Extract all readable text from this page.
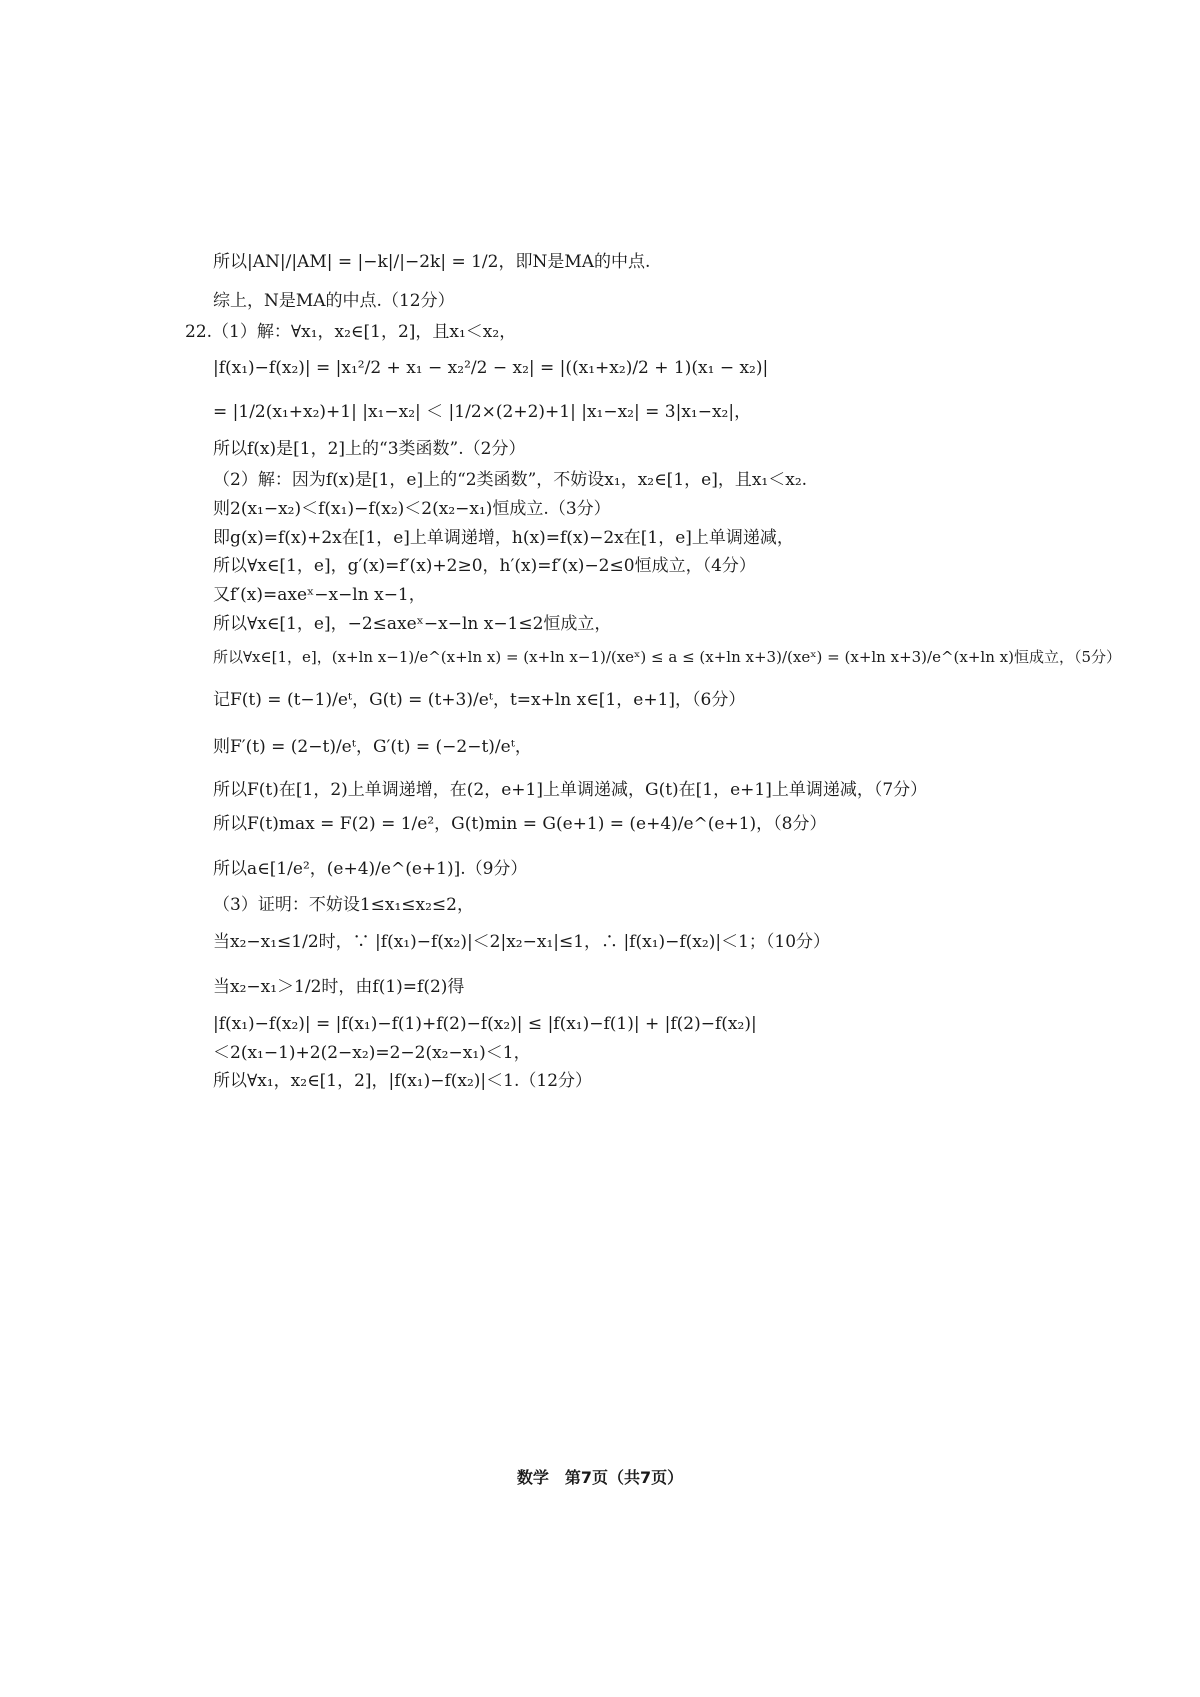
所以|AN|/|AM| = |−k|/|−2k| = 1/2，即N是MA的中点.
综上，N是MA的中点.（12分）
22.（1）解：∀x₁，x₂∈[1，2]，且x₁＜x₂，
|f(x₁)−f(x₂)| = |x₁²/2 + x₁ − x₂²/2 − x₂| = |((x₁+x₂)/2 + 1)(x₁ − x₂)|
= |1/2(x₁+x₂)+1| |x₁−x₂| ＜ |1/2×(2+2)+1| |x₁−x₂| = 3|x₁−x₂|，
所以f(x)是[1，2]上的“3类函数”.（2分）
（2）解：因为f(x)是[1，e]上的“2类函数”，不妨设x₁，x₂∈[1，e]，且x₁＜x₂.
则2(x₁−x₂)＜f(x₁)−f(x₂)＜2(x₂−x₁)恒成立.（3分）
即g(x)=f(x)+2x在[1，e]上单调递增，h(x)=f(x)−2x在[1，e]上单调递减，
所以∀x∈[1，e]，g′(x)=f′(x)+2≥0，h′(x)=f′(x)−2≤0恒成立，（4分）
又f′(x)=axeˣ−x−ln x−1，
所以∀x∈[1，e]，−2≤axeˣ−x−ln x−1≤2恒成立，
所以∀x∈[1，e]，(x+ln x−1)/e^(x+ln x) = (x+ln x−1)/(xeˣ) ≤ a ≤ (x+ln x+3)/(xeˣ) = (x+ln x+3)/e^(x+ln x)恒成立，（5分）
记F(t) = (t−1)/eᵗ，G(t) = (t+3)/eᵗ，t=x+ln x∈[1，e+1]，（6分）
则F′(t) = (2−t)/eᵗ，G′(t) = (−2−t)/eᵗ，
所以F(t)在[1，2)上单调递增，在(2，e+1]上单调递减，G(t)在[1，e+1]上单调递减，（7分）
所以F(t)max = F(2) = 1/e²，G(t)min = G(e+1) = (e+4)/e^(e+1)，（8分）
所以a∈[1/e²，(e+4)/e^(e+1)].（9分）
（3）证明：不妨设1≤x₁≤x₂≤2，
当x₂−x₁≤1/2时，∵ |f(x₁)−f(x₂)|＜2|x₂−x₁|≤1，∴ |f(x₁)−f(x₂)|＜1；（10分）
当x₂−x₁＞1/2时，由f(1)=f(2)得
|f(x₁)−f(x₂)| = |f(x₁)−f(1)+f(2)−f(x₂)| ≤ |f(x₁)−f(1)| + |f(2)−f(x₂)|
＜2(x₁−1)+2(2−x₂)=2−2(x₂−x₁)＜1，
所以∀x₁，x₂∈[1，2]，|f(x₁)−f(x₂)|＜1.（12分）
数学　第7页（共7页）
